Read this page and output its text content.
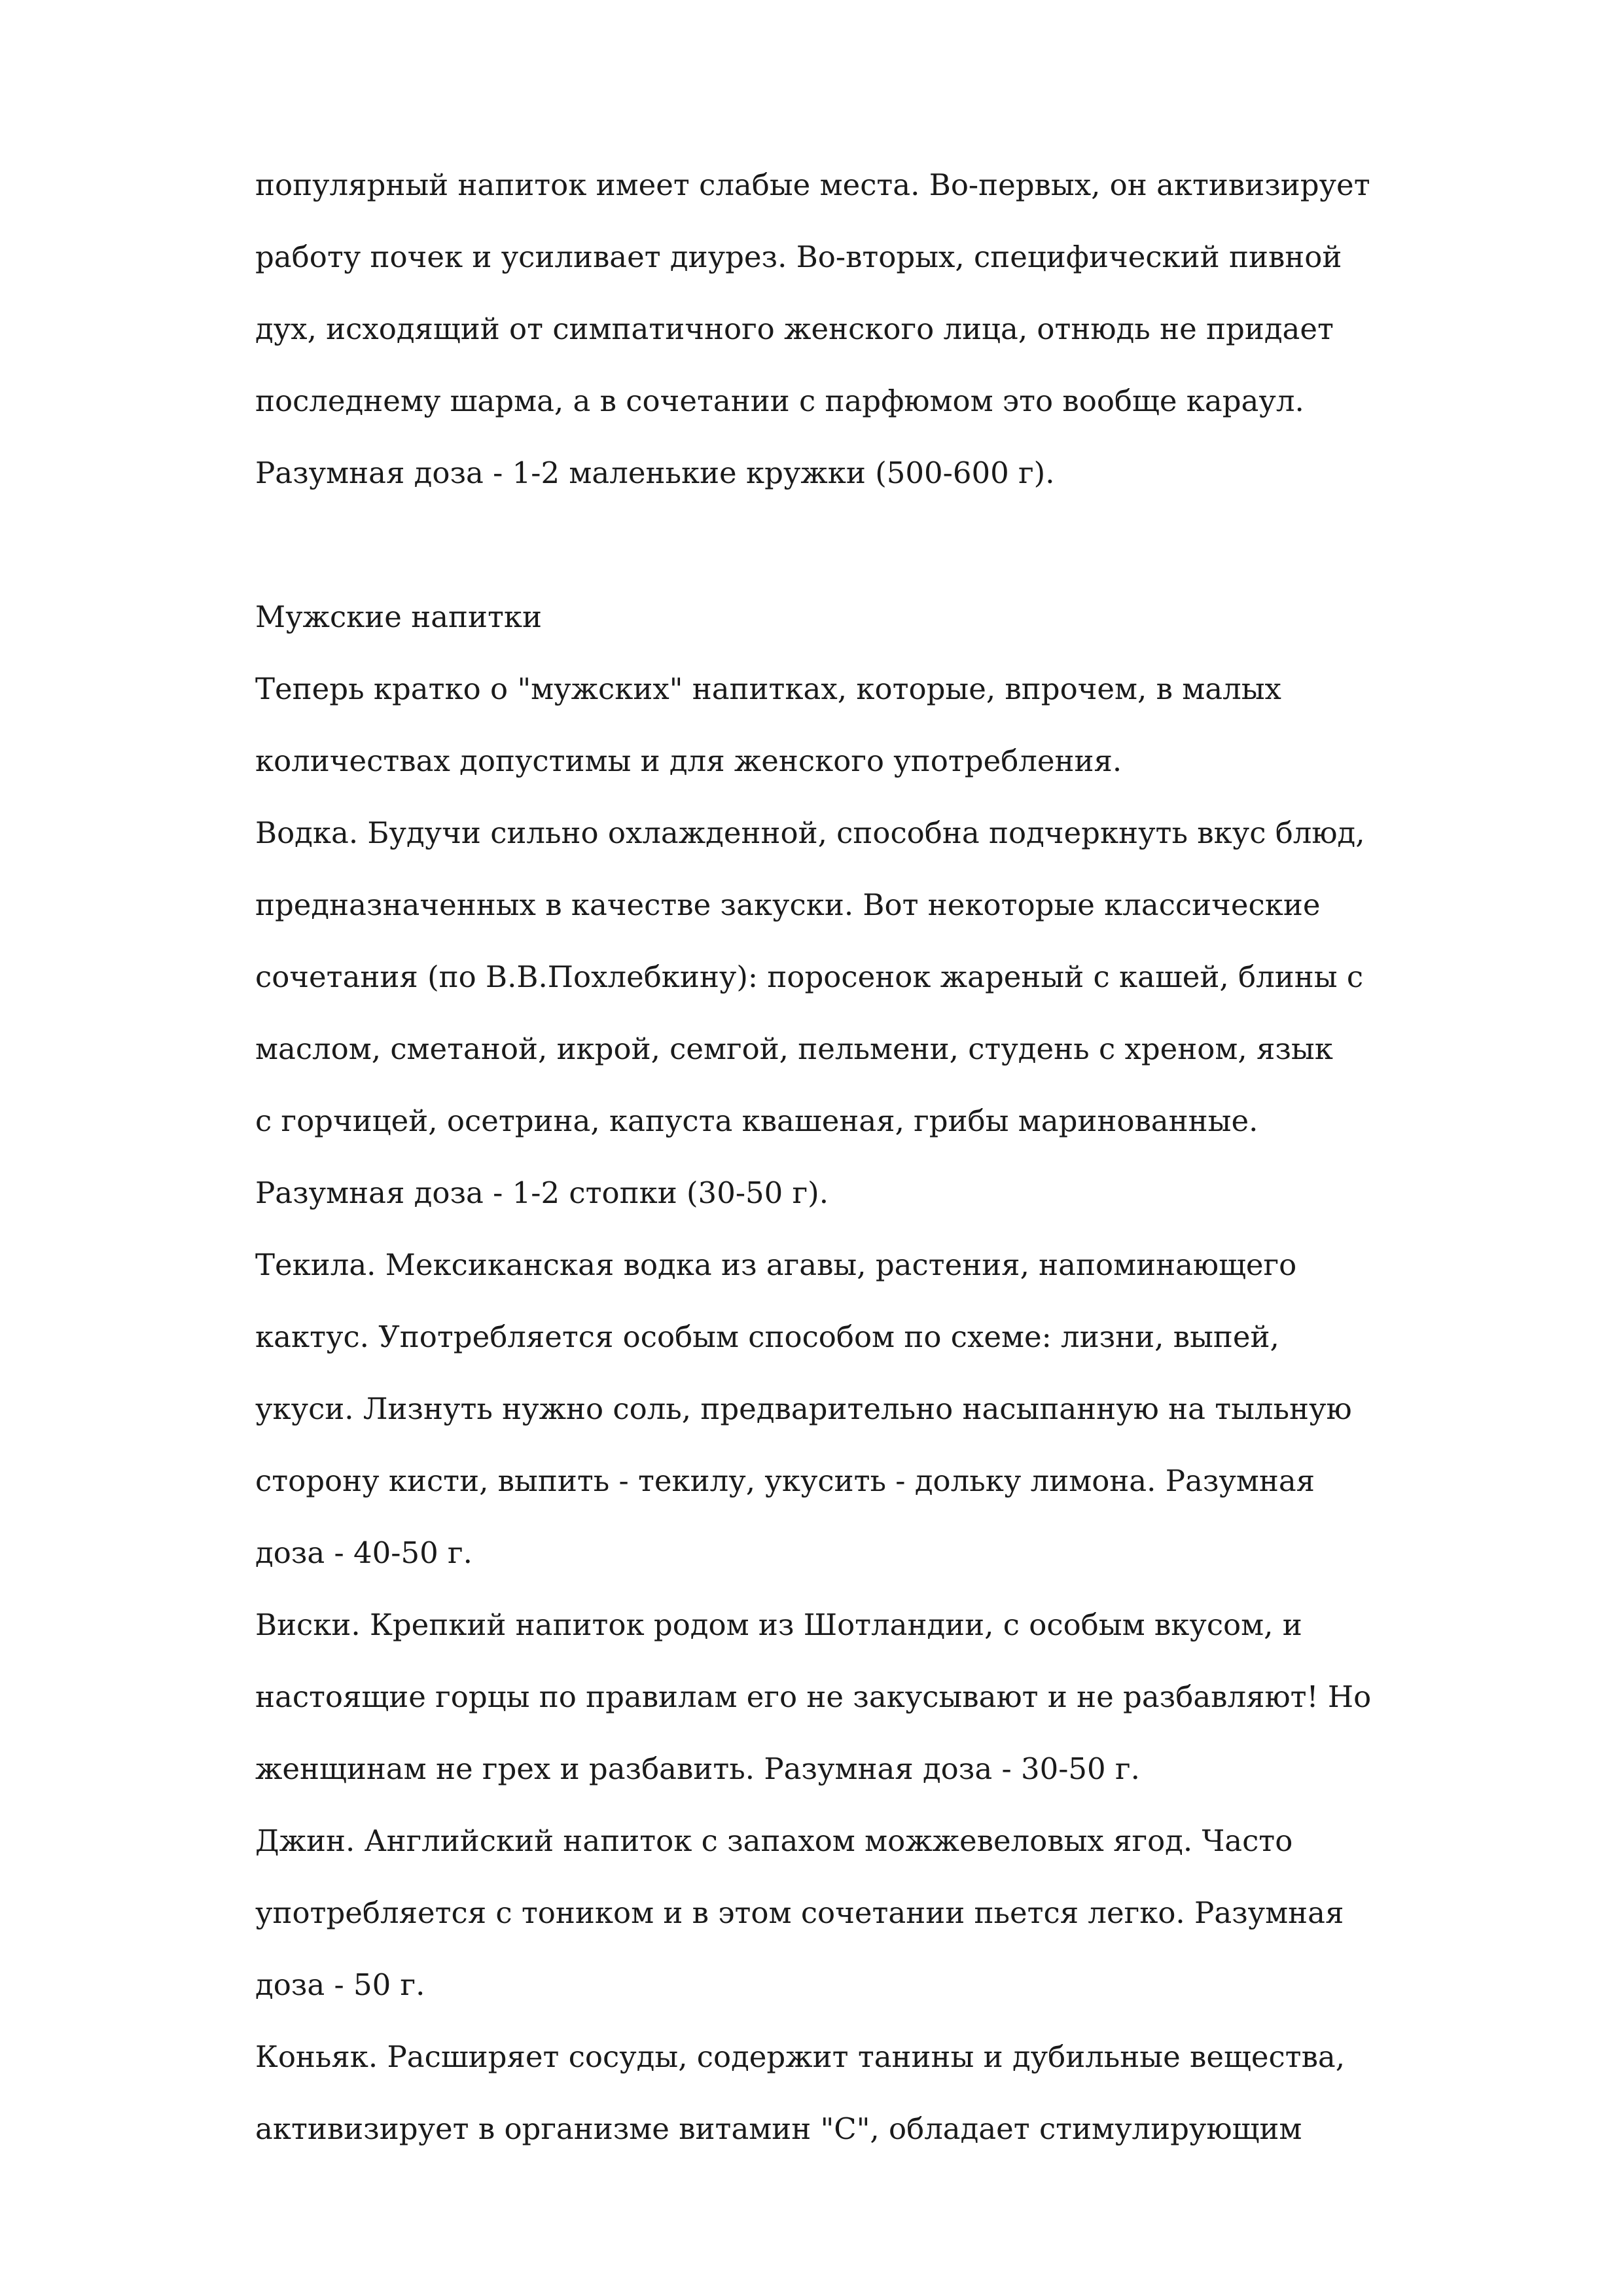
популярный напиток имеет слабые места. Во-первых, он активизирует
работу почек и усиливает диурез. Во-вторых, специфический пивной
дух, исходящий от симпатичного женского лица, отнюдь не придает
последнему шарма, а в сочетании с парфюмом это вообще караул.
Разумная доза - 1-2 маленькие кружки (500-600 г).
Мужские напитки
Теперь кратко о "мужских" напитках, которые, впрочем, в малых
количествах допустимы и для женского употребления.
Водка. Будучи сильно охлажденной, способна подчеркнуть вкус блюд,
предназначенных в качестве закуски. Вот некоторые классические
сочетания (по В.В.Похлебкину): поросенок жареный с кашей, блины с
маслом, сметаной, икрой, семгой, пельмени, студень с хреном, язык
с горчицей, осетрина, капуста квашеная, грибы маринованные.
Разумная доза - 1-2 стопки (30-50 г).
Текила. Мексиканская водка из агавы, растения, напоминающего
кактус. Употребляется особым способом по схеме: лизни, выпей,
укуси. Лизнуть нужно соль, предварительно насыпанную на тыльную
сторону кисти, выпить - текилу, укусить - дольку лимона. Разумная
доза - 40-50 г.
Виски. Крепкий напиток родом из Шотландии, с особым вкусом, и
настоящие горцы по правилам его не закусывают и не разбавляют! Но
женщинам не грех и разбавить. Разумная доза - 30-50 г.
Джин. Английский напиток с запахом можжевеловых ягод. Часто
употребляется с тоником и в этом сочетании пьется легко. Разумная
доза - 50 г.
Коньяк. Расширяет сосуды, содержит танины и дубильные вещества,
активизирует в организме витамин "С", обладает стимулирующим
